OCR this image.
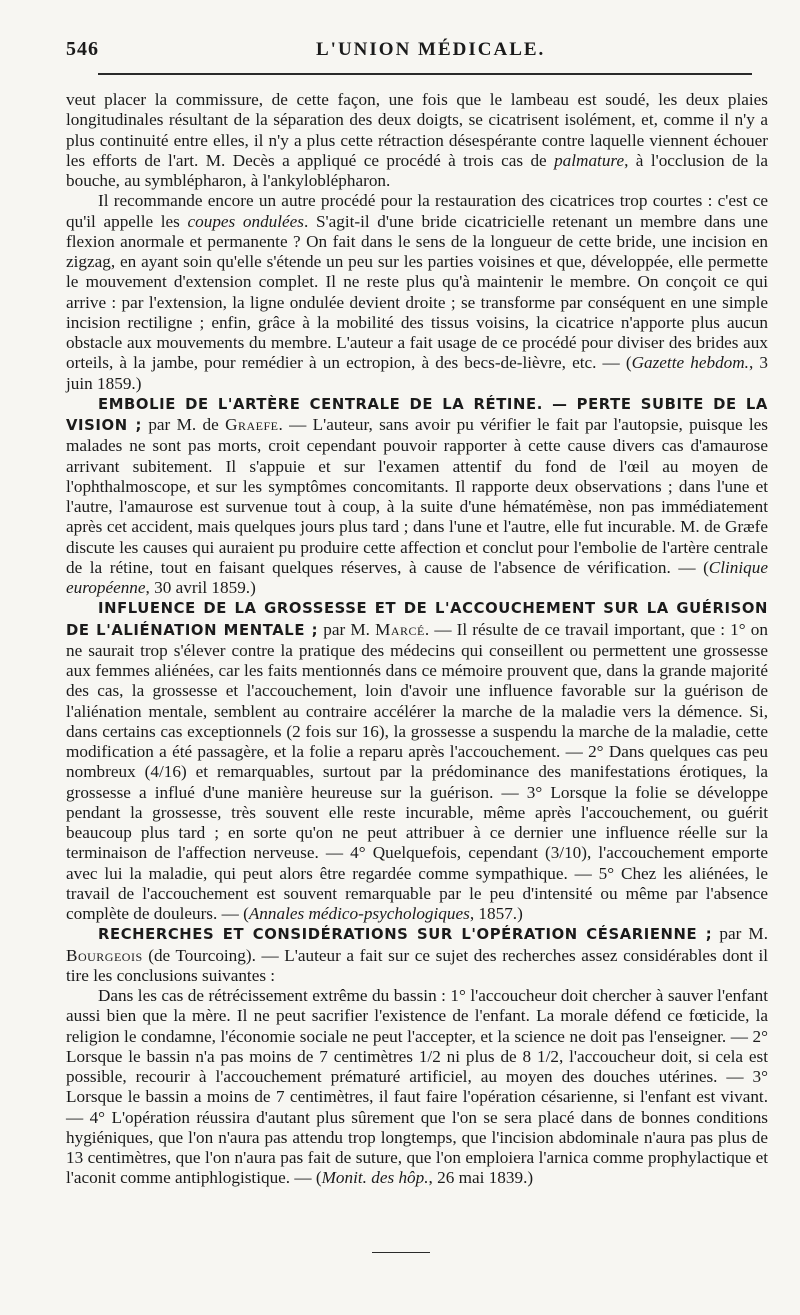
546	L'UNION MÉDICALE.

veut placer la commissure, de cette façon, une fois que le lambeau est soudé, les deux plaies longitudinales résultant de la séparation des deux doigts, se cicatrisent isolément, et, comme il n'y a plus continuité entre elles, il n'y a plus cette rétraction désespérante contre laquelle viennent échouer les efforts de l'art. M. Decès a appliqué ce procédé à trois cas de palmature, à l'occlusion de la bouche, au symblépharon, à l'ankyloblépharon.

Il recommande encore un autre procédé pour la restauration des cicatrices trop courtes : c'est ce qu'il appelle les coupes ondulées. S'agit-il d'une bride cicatricielle retenant un membre dans une flexion anormale et permanente ? On fait dans le sens de la longueur de cette bride, une incision en zigzag, en ayant soin qu'elle s'étende un peu sur les parties voisines et que, développée, elle permette le mouvement d'extension complet. Il ne reste plus qu'à maintenir le membre. On conçoit ce qui arrive : par l'extension, la ligne ondulée devient droite ; se transforme par conséquent en une simple incision rectiligne ; enfin, grâce à la mobilité des tissus voisins, la cicatrice n'apporte plus aucun obstacle aux mouvements du membre. L'auteur a fait usage de ce procédé pour diviser des brides aux orteils, à la jambe, pour remédier à un ectropion, à des becs-de-lièvre, etc. — (Gazette hebdom., 3 juin 1859.)

EMBOLIE DE L'ARTÈRE CENTRALE DE LA RÉTINE. — PERTE SUBITE DE LA VISION ; par M. de Graefe. — L'auteur, sans avoir pu vérifier le fait par l'autopsie, puisque les malades ne sont pas morts, croit cependant pouvoir rapporter à cette cause divers cas d'amaurose arrivant subitement. Il s'appuie et sur l'examen attentif du fond de l'œil au moyen de l'ophthalmoscope, et sur les symptômes concomitants. Il rapporte deux observations ; dans l'une et l'autre, l'amaurose est survenue tout à coup, à la suite d'une hématémèse, non pas immédiatement après cet accident, mais quelques jours plus tard ; dans l'une et l'autre, elle fut incurable. M. de Græfe discute les causes qui auraient pu produire cette affection et conclut pour l'embolie de l'artère centrale de la rétine, tout en faisant quelques réserves, à cause de l'absence de vérification. — (Clinique européenne, 30 avril 1859.)

INFLUENCE DE LA GROSSESSE ET DE L'ACCOUCHEMENT SUR LA GUÉRISON DE L'ALIÉNATION MENTALE ; par M. Marcé. — Il résulte de ce travail important, que : 1° on ne saurait trop s'élever contre la pratique des médecins qui conseillent ou permettent une grossesse aux femmes aliénées, car les faits mentionnés dans ce mémoire prouvent que, dans la grande majorité des cas, la grossesse et l'accouchement, loin d'avoir une influence favorable sur la guérison de l'aliénation mentale, semblent au contraire accélérer la marche de la maladie vers la démence. Si, dans certains cas exceptionnels (2 fois sur 16), la grossesse a suspendu la marche de la maladie, cette modification a été passagère, et la folie a reparu après l'accouchement. — 2° Dans quelques cas peu nombreux (4/16) et remarquables, surtout par la prédominance des manifestations érotiques, la grossesse a influé d'une manière heureuse sur la guérison. — 3° Lorsque la folie se développe pendant la grossesse, très souvent elle reste incurable, même après l'accouchement, ou guérit beaucoup plus tard ; en sorte qu'on ne peut attribuer à ce dernier une influence réelle sur la terminaison de l'affection nerveuse. — 4° Quelquefois, cependant (3/10), l'accouchement emporte avec lui la maladie, qui peut alors être regardée comme sympathique. — 5° Chez les aliénées, le travail de l'accouchement est souvent remarquable par le peu d'intensité ou même par l'absence complète de douleurs. — (Annales médico-psychologiques, 1857.)

RECHERCHES ET CONSIDÉRATIONS SUR L'OPÉRATION CÉSARIENNE ; par M. Bourgeois (de Tourcoing). — L'auteur a fait sur ce sujet des recherches assez considérables dont il tire les conclusions suivantes :

Dans les cas de rétrécissement extrême du bassin : 1° l'accoucheur doit chercher à sauver l'enfant aussi bien que la mère. Il ne peut sacrifier l'existence de l'enfant. La morale défend ce fœticide, la religion le condamne, l'économie sociale ne peut l'accepter, et la science ne doit pas l'enseigner. — 2° Lorsque le bassin n'a pas moins de 7 centimètres 1/2 ni plus de 8 1/2, l'accoucheur doit, si cela est possible, recourir à l'accouchement prématuré artificiel, au moyen des douches utérines. — 3° Lorsque le bassin a moins de 7 centimètres, il faut faire l'opération césarienne, si l'enfant est vivant. — 4° L'opération réussira d'autant plus sûrement que l'on se sera placé dans de bonnes conditions hygiéniques, que l'on n'aura pas attendu trop longtemps, que l'incision abdominale n'aura pas plus de 13 centimètres, que l'on n'aura pas fait de suture, que l'on emploiera l'arnica comme prophylactique et l'aconit comme antiphlogistique. — (Monit. des hôp., 26 mai 1839.)
